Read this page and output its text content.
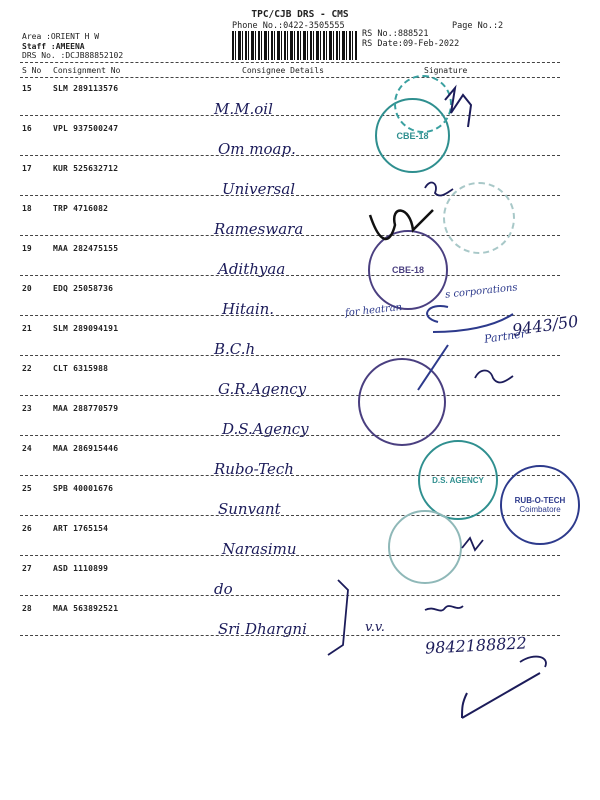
TPC/CJB DRS - CMS
Phone No.:0422-3505555	Page No.:2
Area :ORIENT H W
Staff :AMEENA
DRS No. :DCJB88852102
RS No.:888521
RS Date:09-Feb-2022
S No Consignment No	Consignee Details	Signature
15	SLM 289113576
M.M.oil
16	VPL 937500247
Om moap.
17	KUR 525632712
Universal
18	TRP 4716082
Rameswara
19	MAA 282475155
Adithyaa
20	EDQ 25058736
Hitain.
21	SLM 289094191
B.C.h
22	CLT 6315988
G.R.Agency
23	MAA 288770579
D.S.Agency
24	MAA 286915446
Rubo-Tech
25	SPB 40001676
Sunvant
26	ART 1765154
Narasimu
27	ASD 1110899
do
28	MAA 563892521
Sri Dhargni
CBE-18
CBE-18
D.S. AGENCY
RUB-O-TECH
Coimbatore
for heatran
s corporations
Partner
9443/50
v.v.
9842188822
